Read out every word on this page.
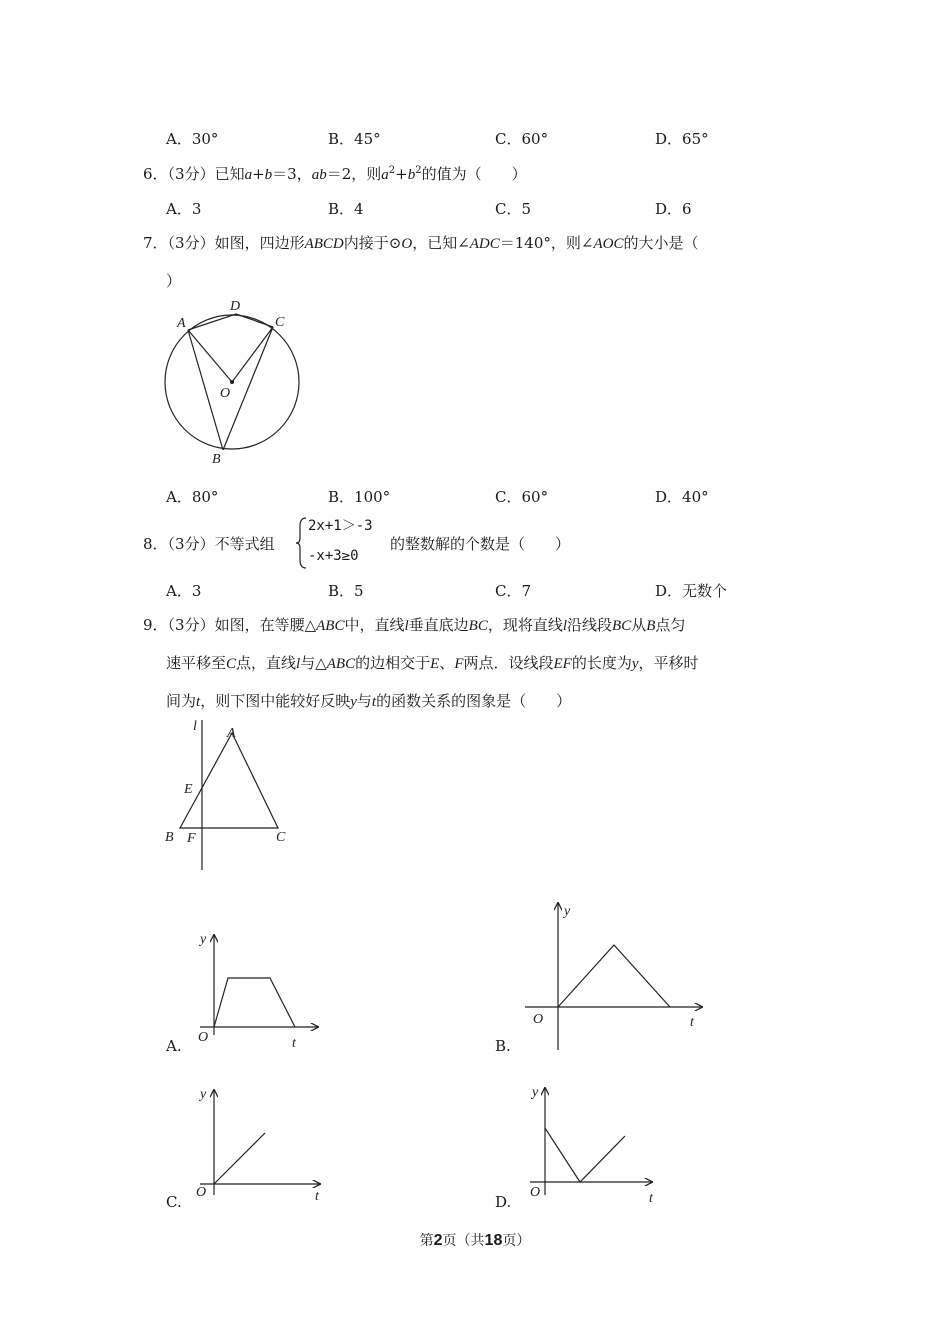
A．30°	B．45°	C．60°	D．65°
6．（3分）已知a+b＝3，ab＝2，则$a^2+b^2$的值为（　　）
A．3	B．4	C．5	D．6
7．（3分）如图，四边形ABCD内接于⊙O，已知∠ADC＝140°，则∠AOC的大小是（
）
A
D
C
O
B
A．80°	B．100°	C．60°	D．40°
8．（3分）不等式组
2x+1＞-3
-x+3≥0
的整数解的个数是（　　）
A．3	B．5	C．7	D．无数个
9．（3分）如图，在等腰△ABC中，直线l垂直底边BC，现将直线l沿线段BC从B点匀
速平移至C点，直线l与△ABC的边相交于E、F两点．设线段EF的长度为y，平移时
间为t，则下图中能较好反映y与t的函数关系的图象是（　　）
l A
E
B F	C
A.
y
O	t	B.
y
O	t
C.
y
O	t	D.
y
O	t
第2页（共18页）
